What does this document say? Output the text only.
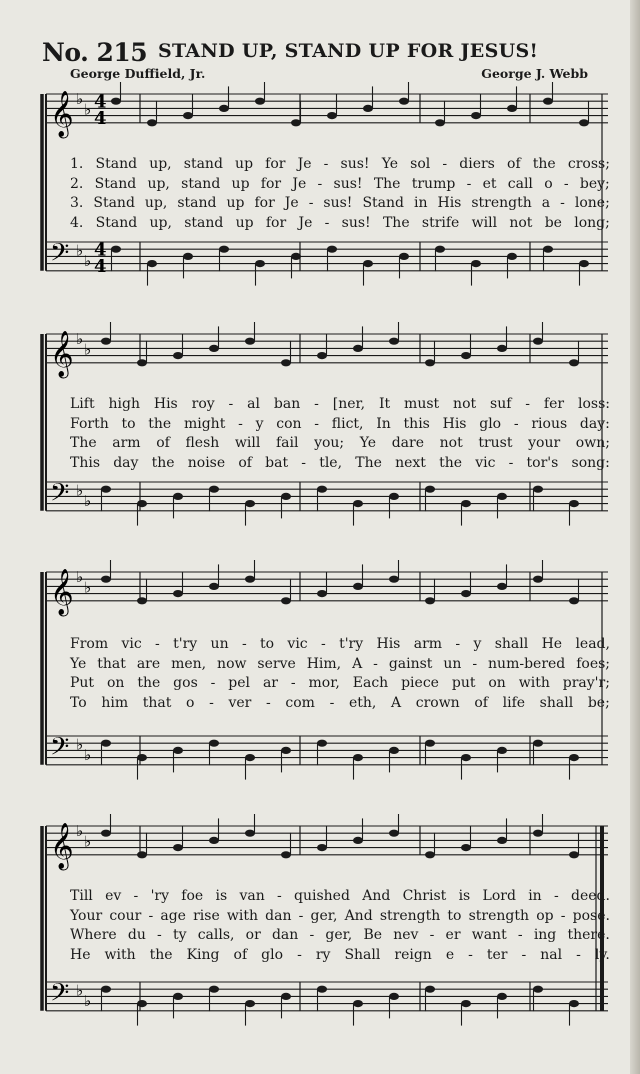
No. 215 STAND UP, STAND UP FOR JESUS!
George Duffield, Jr.	George J. Webb
𝄞
𝄢
♭
♭
♭
♭
4
4
4
4
1. Stand up, stand up for Je - sus! Ye sol - diers of the cross;
2. Stand up, stand up for Je - sus! The trump - et call o - bey;
3. Stand up, stand up for Je - sus! Stand in His strength a - lone;
4. Stand up, stand up for Je - sus! The strife will not be long;
𝄞
𝄢
♭
♭
♭
♭
Lift high His roy - al ban - [ner, It must not suf - fer loss:
Forth to the might - y con - flict, In this His glo - rious day:
The arm of flesh will fail you; Ye dare not trust your own;
This day the noise of bat - tle, The next the vic - tor's song:
𝄞
𝄢
♭
♭
♭
♭
From vic - t'ry un - to vic - t'ry His arm - y shall He lead,
Ye that are men, now serve Him, A - gainst un - num-bered foes;
Put on the gos - pel ar - mor, Each piece put on with pray'r;
To him that o - ver - com - eth, A crown of life shall be;
𝄞
𝄢
♭
♭
♭
♭
Till ev - 'ry foe is van - quished And Christ is Lord in - deed.
Your cour - age rise with dan - ger, And strength to strength op - pose.
Where du - ty calls, or dan - ger, Be nev - er want - ing there.
He with the King of glo - ry Shall reign e - ter - nal - ly.
